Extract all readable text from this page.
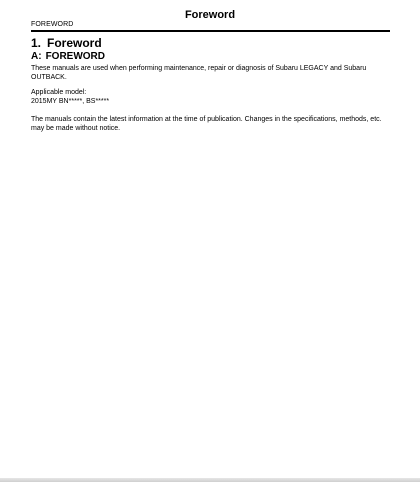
Foreword
FOREWORD
1. Foreword
A: FOREWORD

These manuals are used when performing maintenance, repair or diagnosis of Subaru LEGACY and Subaru OUTBACK.

Applicable model:
2015MY BN*****, BS*****

The manuals contain the latest information at the time of publication. Changes in the specifications, methods, etc. may be made without notice.
